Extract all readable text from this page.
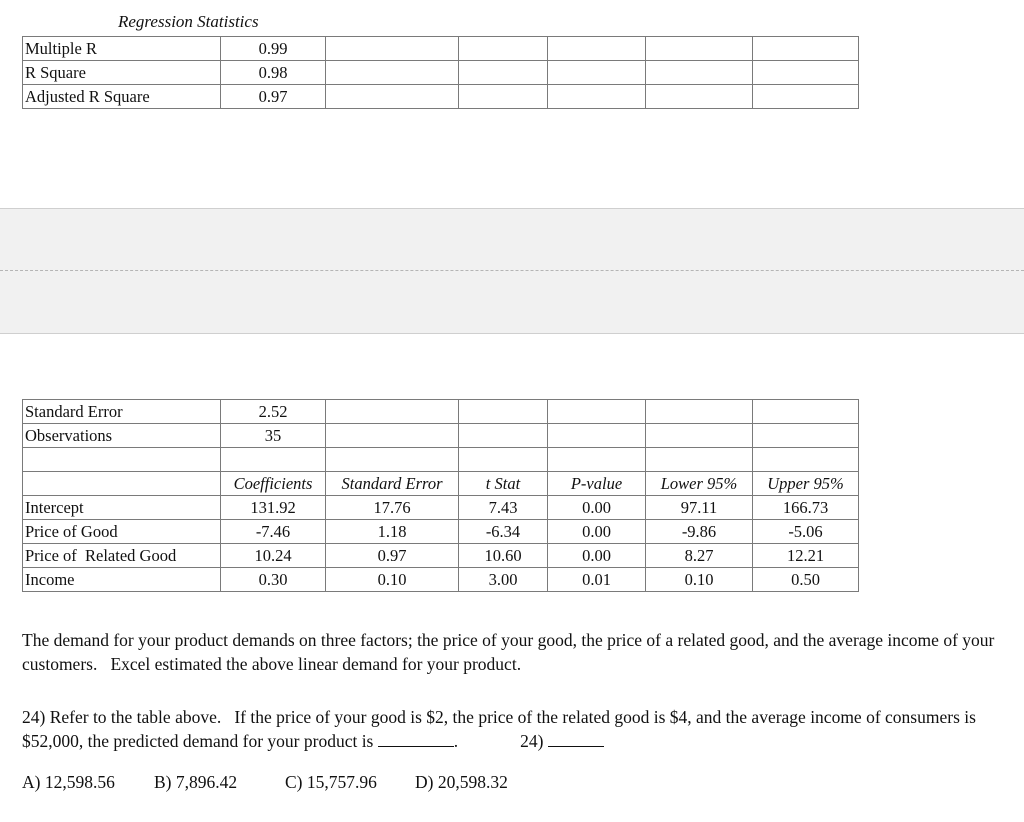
Regression Statistics
Multiple R	0.99					
R Square	0.98					
Adjusted R Square	0.97					
Standard Error	2.52					
Observations	35					

	Coefficients	Standard Error	t Stat	P-value	Lower 95%	Upper 95%
Intercept	131.92	17.76	7.43	0.00	97.11	166.73
Price of Good	-7.46	1.18	-6.34	0.00	-9.86	-5.06
Price of  Related Good	10.24	0.97	10.60	0.00	8.27	12.21
Income	0.30	0.10	3.00	0.01	0.10	0.50
The demand for your product demands on three factors; the price of your good, the price of a related good, and the average income of your customers.   Excel estimated the above linear demand for your product.
24) Refer to the table above.   If the price of your good is $2, the price of the related good is $4, and the average income of consumers is $52,000, the predicted demand for your product is	.	24)
A) 12,598.56 B) 7,896.42	C) 15,757.96 D) 20,598.32
